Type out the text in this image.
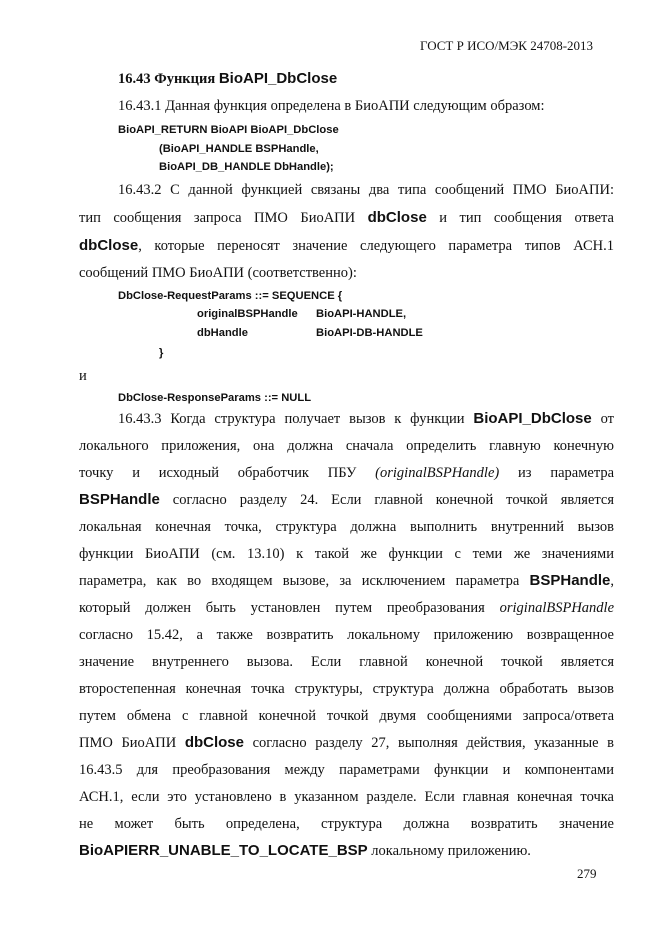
ГОСТ Р ИСО/МЭК 24708-2013
16.43 Функция BioAPI_DbClose
16.43.1 Данная функция определена в БиоАПИ следующим образом:
BioAPI_RETURN BioAPI BioAPI_DbClose
(BioAPI_HANDLE BSPHandle,
BioAPI_DB_HANDLE DbHandle);
16.43.2 С данной функцией связаны два типа сообщений ПМО БиоАПИ:
тип сообщения запроса ПМО БиоАПИ dbClose и тип сообщения ответа
dbClose, которые переносят значение следующего параметра типов АСН.1
сообщений ПМО БиоАПИ (соответственно):
DbClose-RequestParams ::= SEQUENCE {
originalBSPHandle BioAPI-HANDLE,
dbHandle	BioAPI-DB-HANDLE
}
и
DbClose-ResponseParams ::= NULL
16.43.3 Когда структура получает вызов к функции BioAPI_DbClose от
локального приложения, она должна сначала определить главную конечную
точку и исходный обработчик ПБУ (originalBSPHandle) из параметра
BSPHandle согласно разделу 24. Если главной конечной точкой является
локальная конечная точка, структура должна выполнить внутренний вызов
функции БиоАПИ (см. 13.10) к такой же функции с теми же значениями
параметра, как во входящем вызове, за исключением параметра BSPHandle,
который должен быть установлен путем преобразования originalBSPHandle
согласно 15.42, а также возвратить локальному приложению возвращенное
значение внутреннего вызова. Если главной конечной точкой является
второстепенная конечная точка структуры, структура должна обработать вызов
путем обмена с главной конечной точкой двумя сообщениями запроса/ответа
ПМО БиоАПИ dbClose согласно разделу 27, выполняя действия, указанные в
16.43.5 для преобразования между параметрами функции и компонентами
АСН.1, если это установлено в указанном разделе. Если главная конечная точка
не может быть определена, структура должна возвратить значение
BioAPIERR_UNABLE_TO_LOCATE_BSP локальному приложению.
279
